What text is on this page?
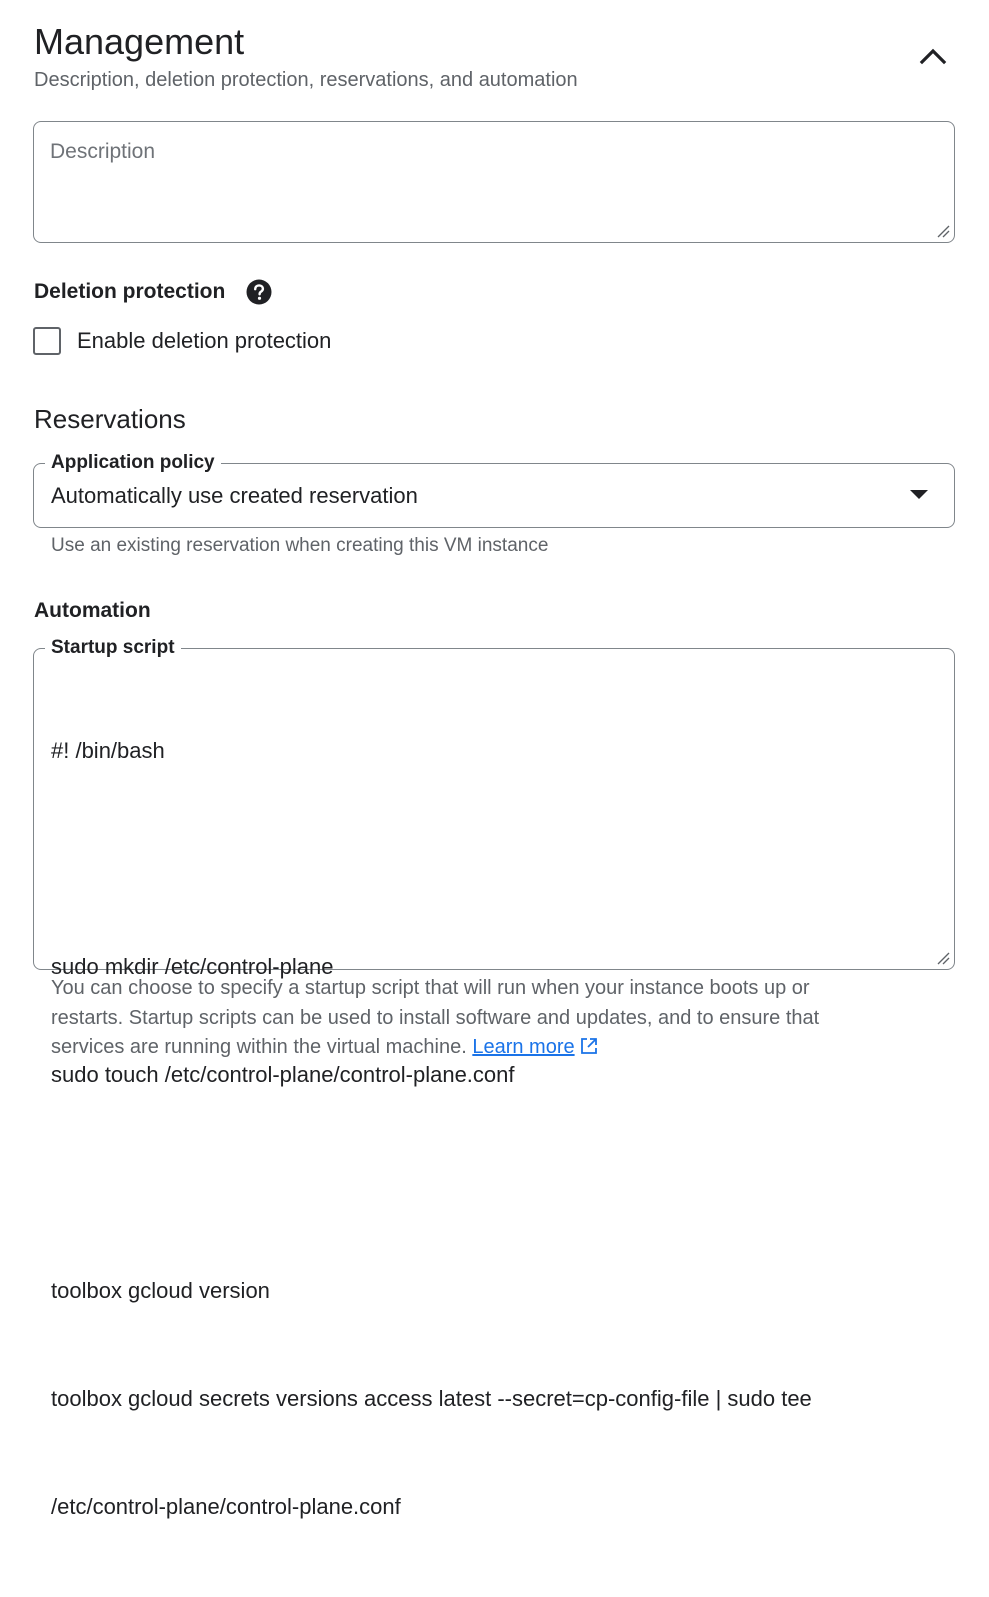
Management
Description, deletion protection, reservations, and automation
Description
Deletion protection
Enable deletion protection
Reservations
Application policy
Automatically use created reservation
Use an existing reservation when creating this VM instance
Automation
Startup script

#! /bin/bash

sudo mkdir /etc/control-plane

sudo touch /etc/control-plane/control-plane.conf

toolbox gcloud version

toolbox gcloud secrets versions access latest --secret=cp-config-file | sudo tee

/etc/control-plane/control-plane.conf

You can choose to specify a startup script that will run when your instance boots up or
restarts. Startup scripts can be used to install software and updates, and to ensure that
services are running within the virtual machine. Learn more
